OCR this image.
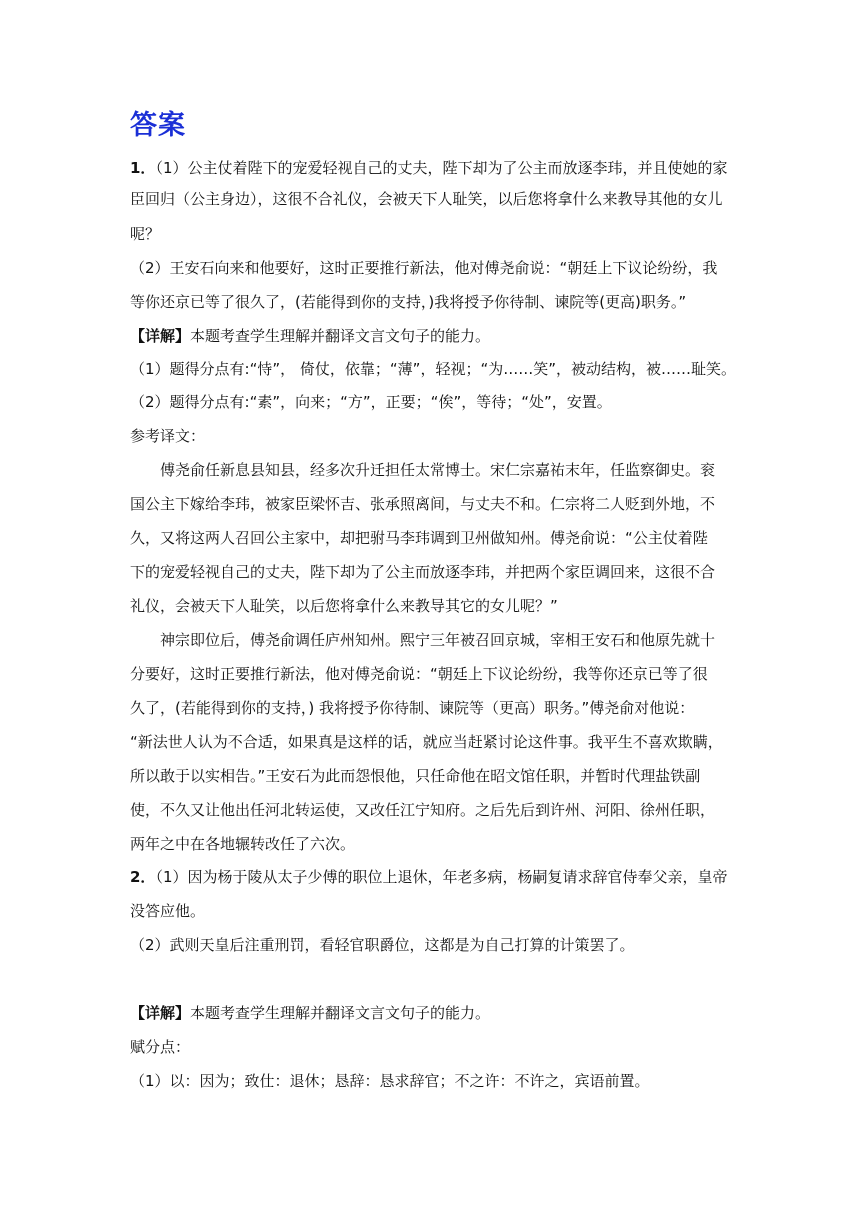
答案
1．（1）公主仗着陛下的宠爱轻视自己的丈夫，陛下却为了公主而放逐李玮，并且使她的家
臣回归（公主身边），这很不合礼仪，会被天下人耻笑，以后您将拿什么来教导其他的女儿
呢？
（2）王安石向来和他要好，这时正要推行新法，他对傅尧俞说：“朝廷上下议论纷纷，我
等你还京已等了很久了，(若能得到你的支持，)我将授予你待制、谏院等(更高)职务。”
【详解】本题考查学生理解并翻译文言文句子的能力。
（1）题得分点有:“恃”， 倚仗，依靠；“薄”，轻视；“为……笑”，被动结构，被……耻笑。
（2）题得分点有:“素”，向来；“方”，正要；“俟”，等待；“处”，安置。
参考译文：
傅尧俞任新息县知县，经多次升迁担任太常博士。宋仁宗嘉祐末年，任监察御史。衮
国公主下嫁给李玮，被家臣梁怀吉、张承照离间，与丈夫不和。仁宗将二人贬到外地，不
久，又将这两人召回公主家中，却把驸马李玮调到卫州做知州。傅尧俞说：“公主仗着陛
下的宠爱轻视自己的丈夫，陛下却为了公主而放逐李玮，并把两个家臣调回来，这很不合
礼仪，会被天下人耻笑，以后您将拿什么来教导其它的女儿呢？”
神宗即位后，傅尧俞调任庐州知州。熙宁三年被召回京城，宰相王安石和他原先就十
分要好，这时正要推行新法，他对傅尧俞说：“朝廷上下议论纷纷，我等你还京已等了很
久了，(若能得到你的支持，) 我将授予你待制、谏院等（更高）职务。”傅尧俞对他说：
“新法世人认为不合适，如果真是这样的话，就应当赶紧讨论这件事。我平生不喜欢欺瞒，
所以敢于以实相告。”王安石为此而怨恨他，只任命他在昭文馆任职，并暂时代理盐铁副
使，不久又让他出任河北转运使，又改任江宁知府。之后先后到许州、河阳、徐州任职，
两年之中在各地辗转改任了六次。
2．（1）因为杨于陵从太子少傅的职位上退休，年老多病，杨嗣复请求辞官侍奉父亲，皇帝
没答应他。
（2）武则天皇后注重刑罚，看轻官职爵位，这都是为自己打算的计策罢了。
【详解】本题考查学生理解并翻译文言文句子的能力。
赋分点：
（1）以：因为；致仕：退休；恳辞：恳求辞官；不之许：不许之，宾语前置。
